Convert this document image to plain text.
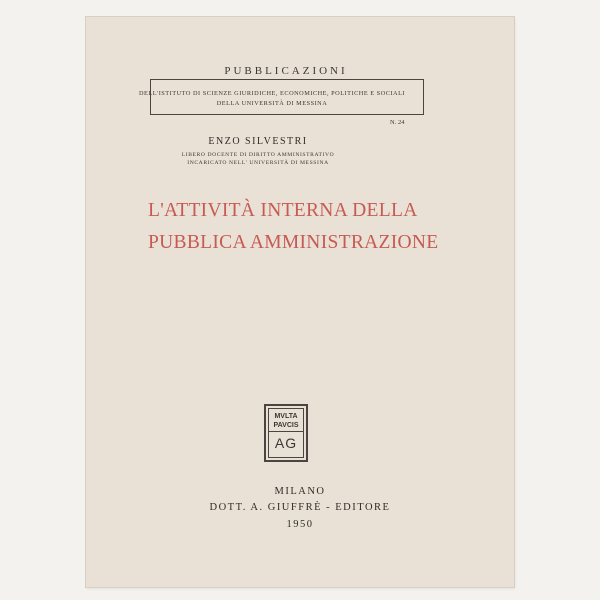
PUBBLICAZIONI
DELL'ISTITUTO DI SCIENZE GIURIDICHE, ECONOMICHE, POLITICHE E SOCIALI
DELLA UNIVERSITÀ DI MESSINA
N. 24
ENZO SILVESTRI
LIBERO DOCENTE DI DIRITTO AMMINISTRATIVO
INCARICATO NELL' UNIVERSITÀ DI MESSINA
L'ATTIVITÀ INTERNA DELLA
PUBBLICA AMMINISTRAZIONE
MVLTA
PAVCIS
AG
MILANO
DOTT. A. GIUFFRÈ - EDITORE
1950
